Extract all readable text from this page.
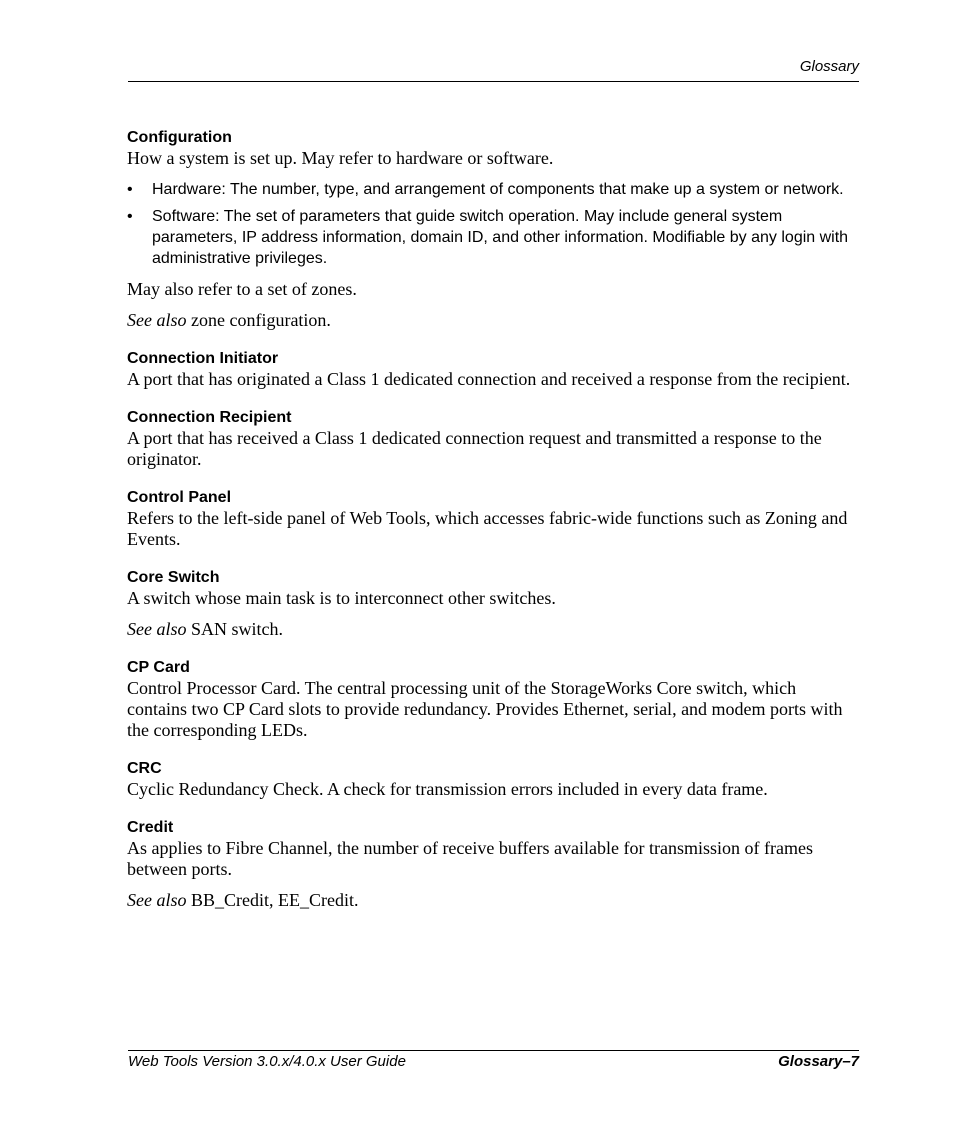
Glossary

Configuration

How a system is set up. May refer to hardware or software.

• Hardware: The number, type, and arrangement of components that make up a system or network.
• Software: The set of parameters that guide switch operation. May include general system parameters, IP address information, domain ID, and other information. Modifiable by any login with administrative privileges.

May also refer to a set of zones.

See also zone configuration.

Connection Initiator

A port that has originated a Class 1 dedicated connection and received a response from the recipient.

Connection Recipient

A port that has received a Class 1 dedicated connection request and transmitted a response to the originator.

Control Panel

Refers to the left-side panel of Web Tools, which accesses fabric-wide functions such as Zoning and Events.

Core Switch

A switch whose main task is to interconnect other switches.

See also SAN switch.

CP Card

Control Processor Card. The central processing unit of the StorageWorks Core switch, which contains two CP Card slots to provide redundancy. Provides Ethernet, serial, and modem ports with the corresponding LEDs.

CRC

Cyclic Redundancy Check. A check for transmission errors included in every data frame.

Credit

As applies to Fibre Channel, the number of receive buffers available for transmission of frames between ports.

See also BB_Credit, EE_Credit.

Web Tools Version 3.0.x/4.0.x User Guide	Glossary–7
